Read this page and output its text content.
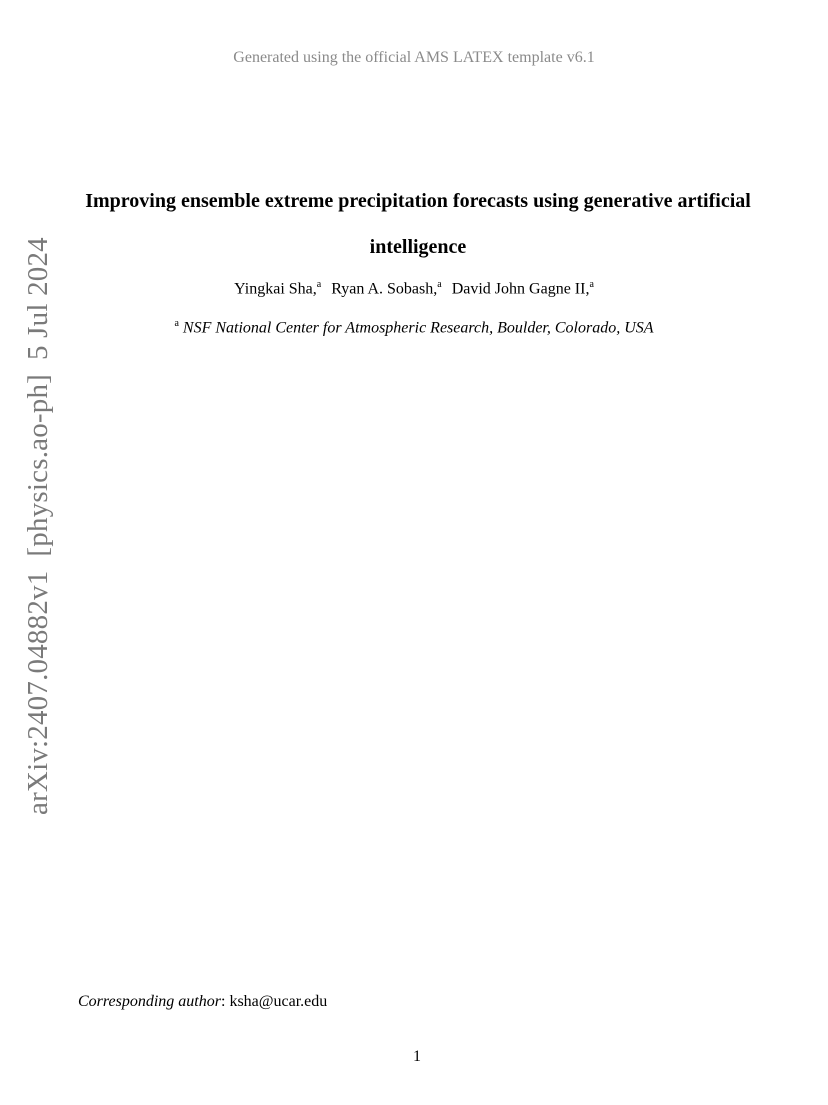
Generated using the official AMS LATEX template v6.1
arXiv:2407.04882v1[physics.ao-ph]5 Jul 2024
Improving ensemble extreme precipitation forecasts using generative artificial intelligence
Yingkai Sha,$^a$ Ryan A. Sobash,$^a$ David John Gagne II,$^a$
$^a$ NSF National Center for Atmospheric Research, Boulder, Colorado, USA
Corresponding author: ksha@ucar.edu
1
